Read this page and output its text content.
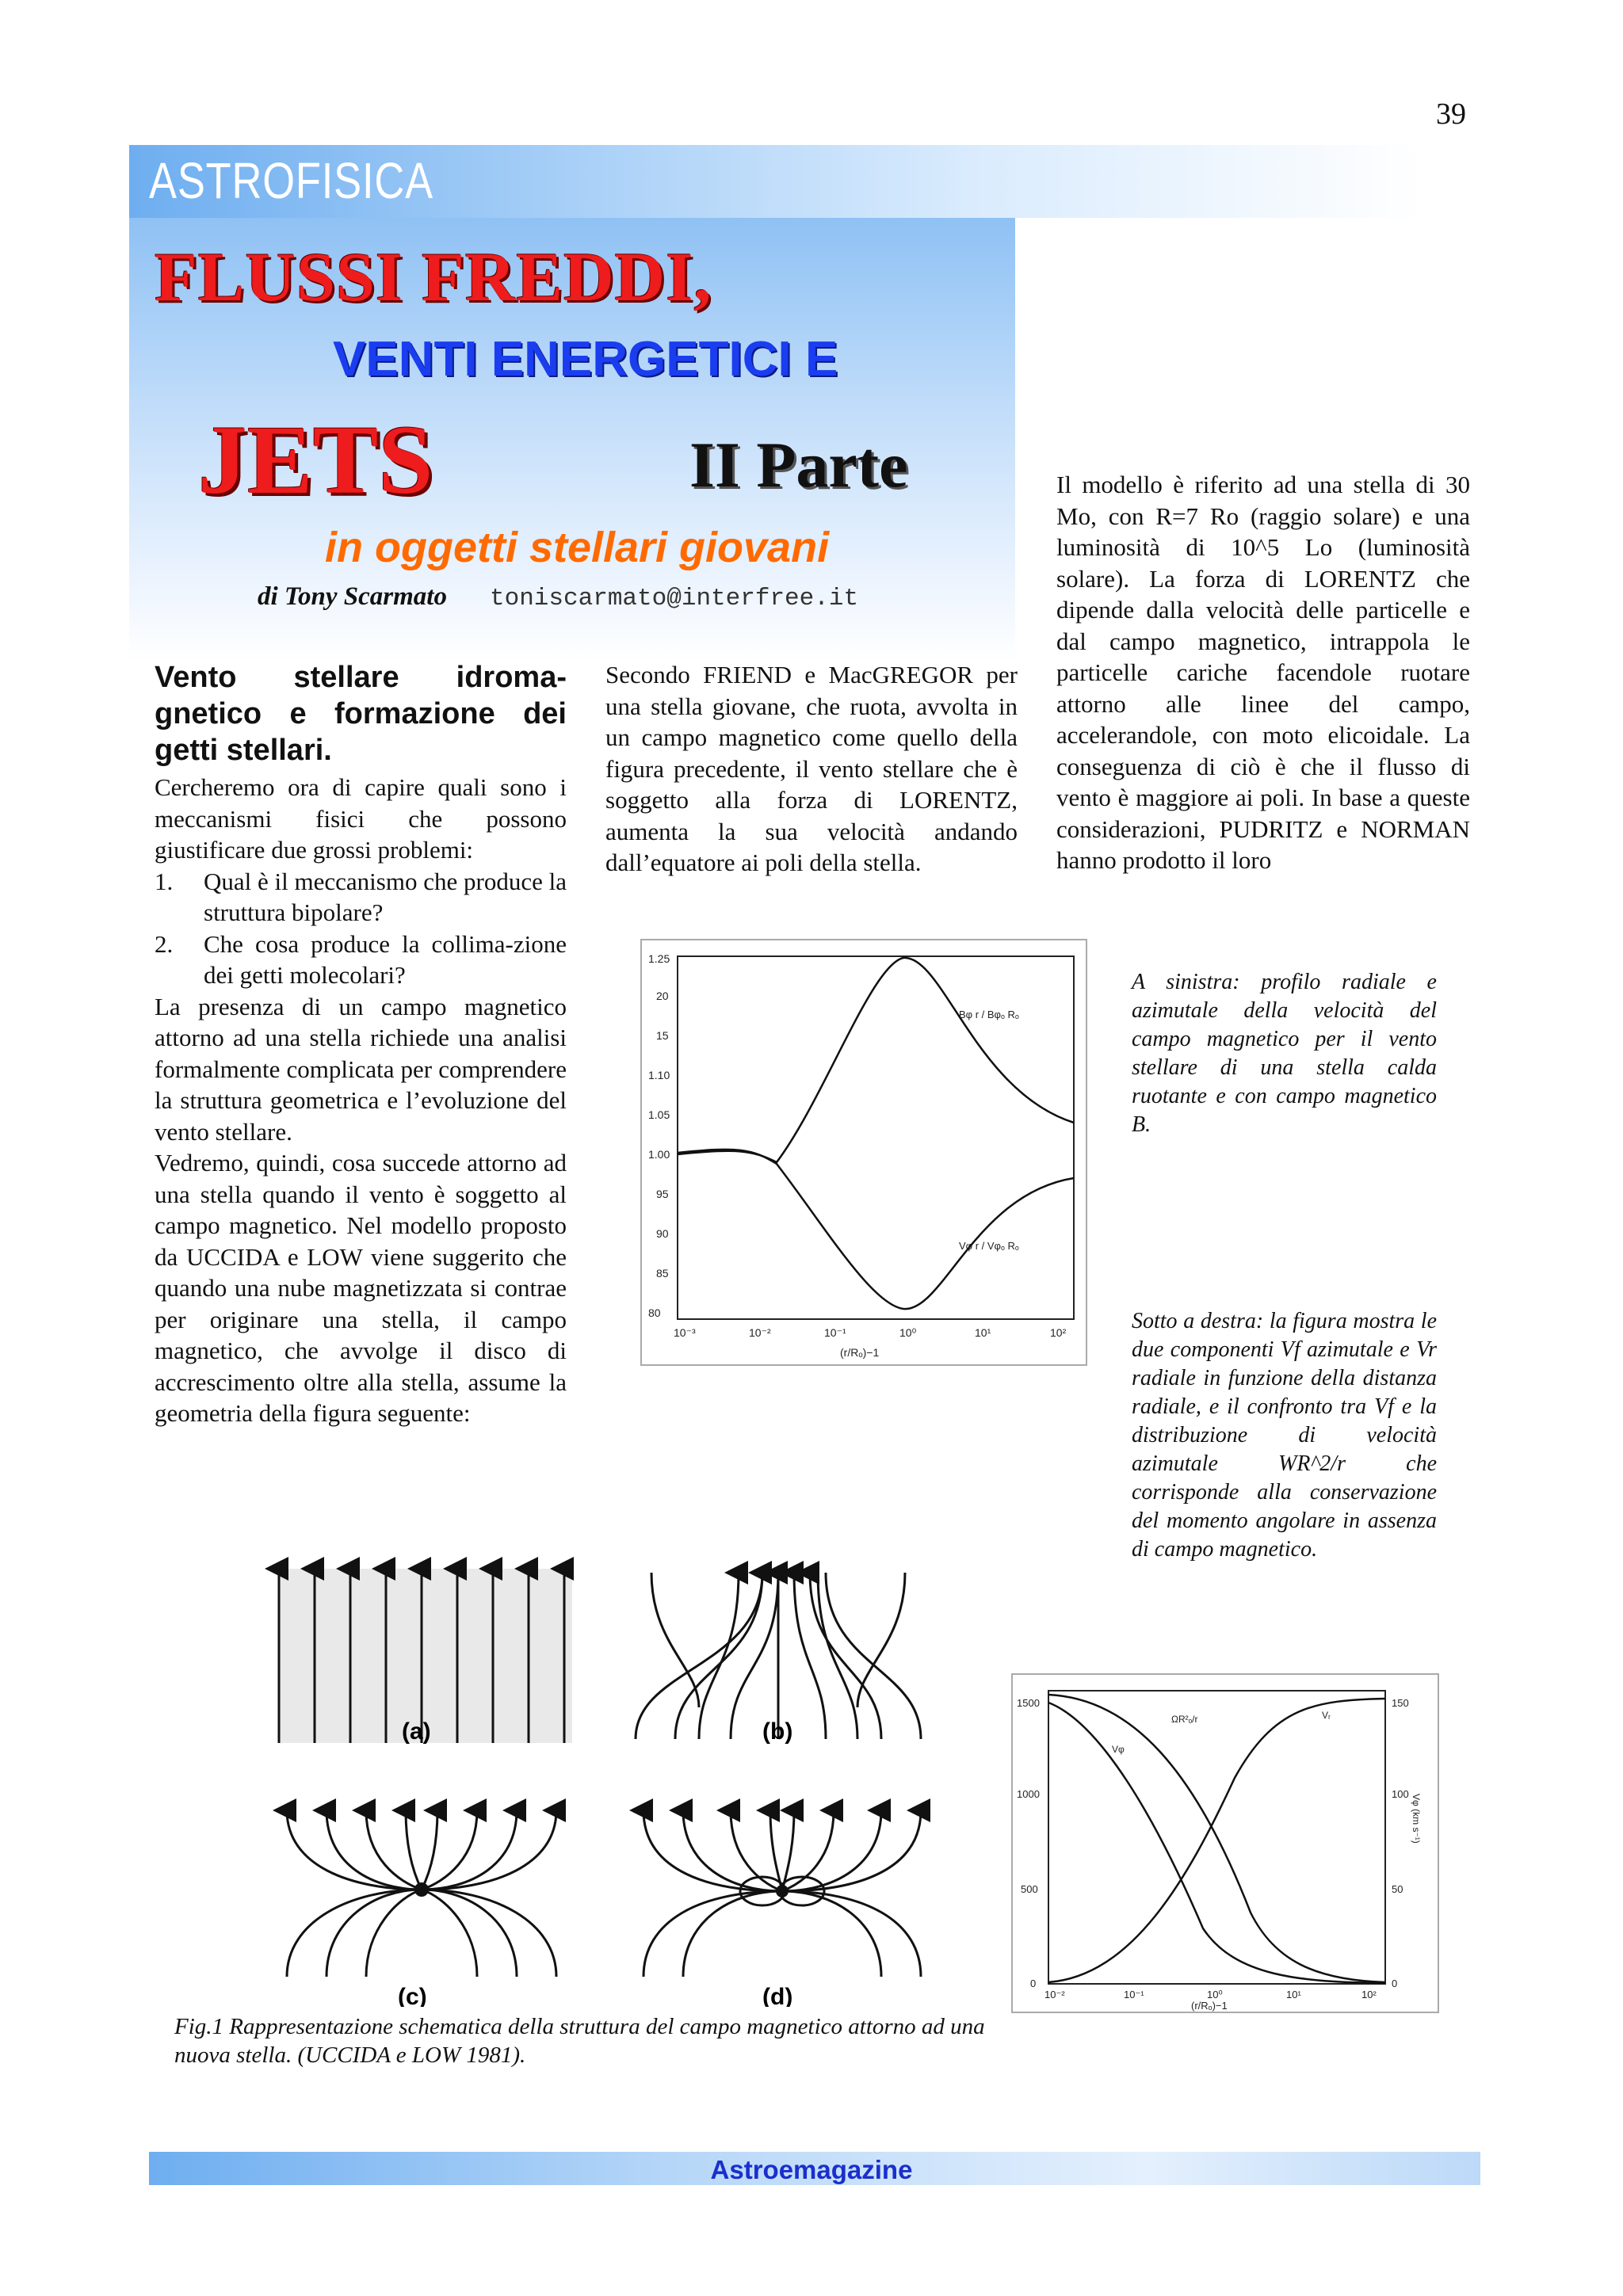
39
ASTROFISICA
FLUSSI FREDDI,
VENTI ENERGETICI E
JETS	II Parte
in oggetti stellari giovani
di Tony Scarmato toniscarmato@interfree.it
Vento stellare idroma-gnetico e formazione dei getti stellari.

Cercheremo ora di capire quali sono i meccanismi fisici che possono giustificare due grossi problemi:

1. Qual è il meccanismo che produce la struttura bipolare?
2. Che cosa produce la collima-zione dei getti molecolari?

La presenza di un campo magnetico attorno ad una stella richiede una analisi formalmente complicata per comprendere la struttura geometrica e l’evoluzione del vento stellare.

Vedremo, quindi, cosa succede attorno ad una stella quando il vento è soggetto al campo magnetico. Nel modello proposto da UCCIDA e LOW viene suggerito che quando una nube magnetizzata si contrae per originare una stella, il campo magnetico, che avvolge il disco di accrescimento oltre alla stella, assume la geometria della figura seguente:

Secondo FRIEND e MacGREGOR per una stella giovane, che ruota, avvolta in un campo magnetico come quello della figura precedente, il vento stellare che è soggetto alla forza di LORENTZ, aumenta la sua velocità andando dall’equatore ai poli della stella.

Il modello è riferito ad una stella di 30 Mo, con R=7 Ro (raggio solare) e una luminosità di 10^5 Lo (luminosità solare). La forza di LORENTZ che dipende dalla velocità delle particelle e dal campo magnetico, intrappola le particelle cariche facendole ruotare attorno alle linee del campo, accelerandole, con moto elicoidale. La conseguenza di ciò è che il flusso di vento è maggiore ai poli. In base a queste considerazioni, PUDRITZ e NORMAN hanno prodotto il loro

1.25
20
15
1.10
1.05
1.00
95
90
85
80
10⁻³	10⁻²	10⁻¹	10⁰	10¹	10²
(r/Rₒ)−1
Bφ r / Bφₒ Rₒ
Vφ r / Vφₒ Rₒ
A sinistra: profilo radiale e azimutale della velocità del campo magnetico per il vento stellare di una stella calda ruotante e con campo magnetico B.
Sotto a destra: la figura mostra le due componenti Vf azimutale e Vr radiale in funzione della distanza radiale, e il confronto tra Vf e la distribuzione di velocità azimutale WR^2/r che corrisponde alla conservazione del momento angolare in assenza di campo magnetico.
(a)	(b)
(c)	(d)
0
500
1000
1500
0
50
100
150
10⁻²	10⁻¹	10⁰	10¹	10²
(r/Rₒ)−1
ΩR²ₒ/r	Vᵣ
Vφ
Vφ (km s⁻¹)
Fig.1 Rappresentazione schematica della struttura del campo magnetico attorno ad una nuova stella. (UCCIDA e LOW 1981).
Astroemagazine
